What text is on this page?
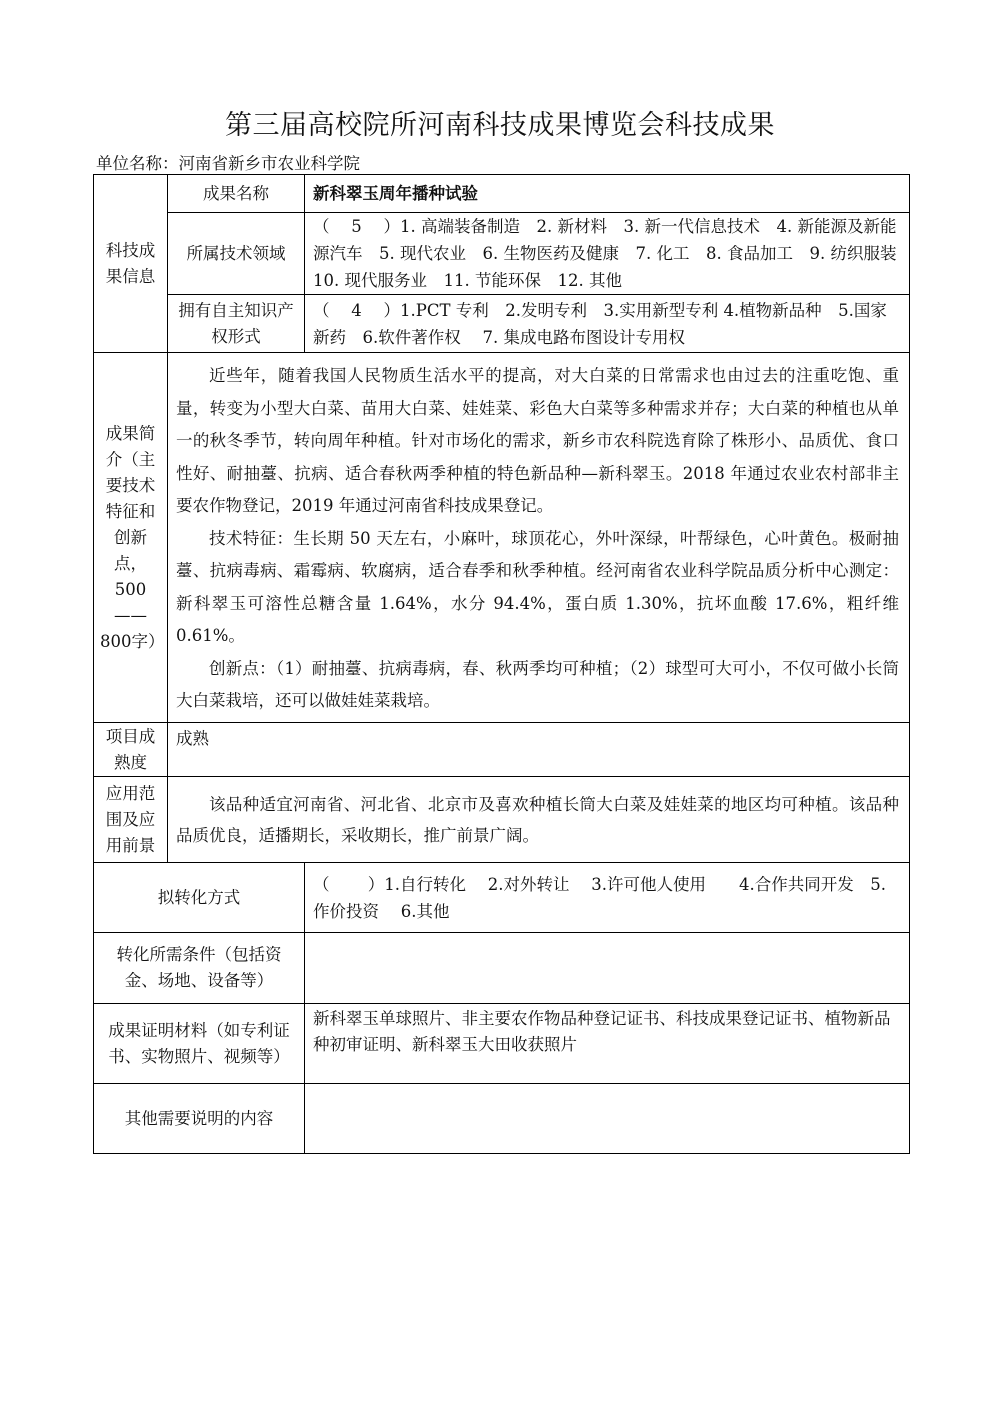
第三届高校院所河南科技成果博览会科技成果
单位名称：河南省新乡市农业科学院
科技成果信息	成果名称	新科翠玉周年播种试验
	所属技术领域	（　 5　 ）1. 高端装备制造　2. 新材料　3. 新一代信息技术　4. 新能源及新能源汽车　5. 现代农业　6. 生物医药及健康　7. 化工　8. 食品加工　9. 纺织服装　10. 现代服务业　11. 节能环保　12. 其他
	拥有自主知识产权形式	（　 4　 ）1.PCT 专利　2.发明专利　3.实用新型专利 4.植物新品种　5.国家新药　6.软件著作权　 7. 集成电路布图设计专用权
成果简介（主要技术特征和创新点，500——800字）	近些年，随着我国人民物质生活水平的提高，对大白菜的日常需求也由过去的注重吃饱、重量，转变为小型大白菜、苗用大白菜、娃娃菜、彩色大白菜等多种需求并存；大白菜的种植也从单一的秋冬季节，转向周年种植。针对市场化的需求，新乡市农科院选育除了株形小、品质优、食口性好、耐抽薹、抗病、适合春秋两季种植的特色新品种—新科翠玉。2018 年通过农业农村部非主要农作物登记，2019 年通过河南省科技成果登记。

技术特征：生长期 50 天左右，小麻叶，球顶花心，外叶深绿，叶帮绿色，心叶黄色。极耐抽薹、抗病毒病、霜霉病、软腐病，适合春季和秋季种植。经河南省农业科学院品质分析中心测定：新科翠玉可溶性总糖含量 1.64%，水分 94.4%，蛋白质 1.30%，抗坏血酸 17.6%，粗纤维 0.61%。

创新点：（1）耐抽薹、抗病毒病，春、秋两季均可种植；（2）球型可大可小，不仅可做小长筒大白菜栽培，还可以做娃娃菜栽培。	

项目成熟度	成熟	
应用范围及应用前景	该品种适宜河南省、河北省、北京市及喜欢种植长筒大白菜及娃娃菜的地区均可种植。该品种品质优良，适播期长，采收期长，推广前景广阔。	

拟转化方式		（　　 ）1.自行转化　 2.对外转让　 3.许可他人使用　　4.合作共同开发　5.作价投资　 6.其他
转化所需条件（包括资金、场地、设备等）		
成果证明材料（如专利证书、实物照片、视频等）		新科翠玉单球照片、非主要农作物品种登记证书、科技成果登记证书、植物新品种初审证明、新科翠玉大田收获照片
其他需要说明的内容		
